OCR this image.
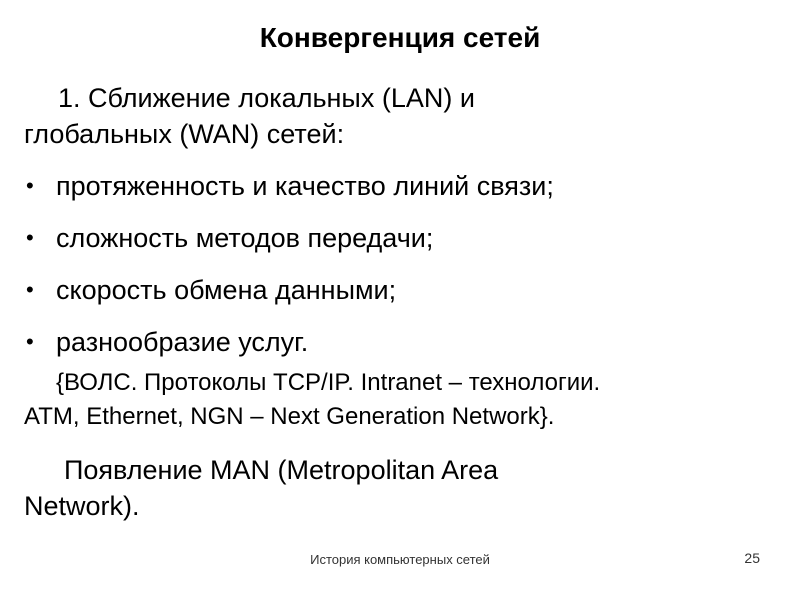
Конвергенция сетей
1. Сближение локальных (LAN) и
глобальных (WAN) сетей:
• протяженность и качество линий связи;
• сложность методов передачи;
• скорость обмена данными;
• разнообразие услуг.
{ВОЛС. Протоколы TCP/IP. Intranet – технологии.
ATM, Ethernet, NGN – Next Generation Network}.
Появление MAN (Metropolitan Area
Network).
История компьютерных сетей	25
